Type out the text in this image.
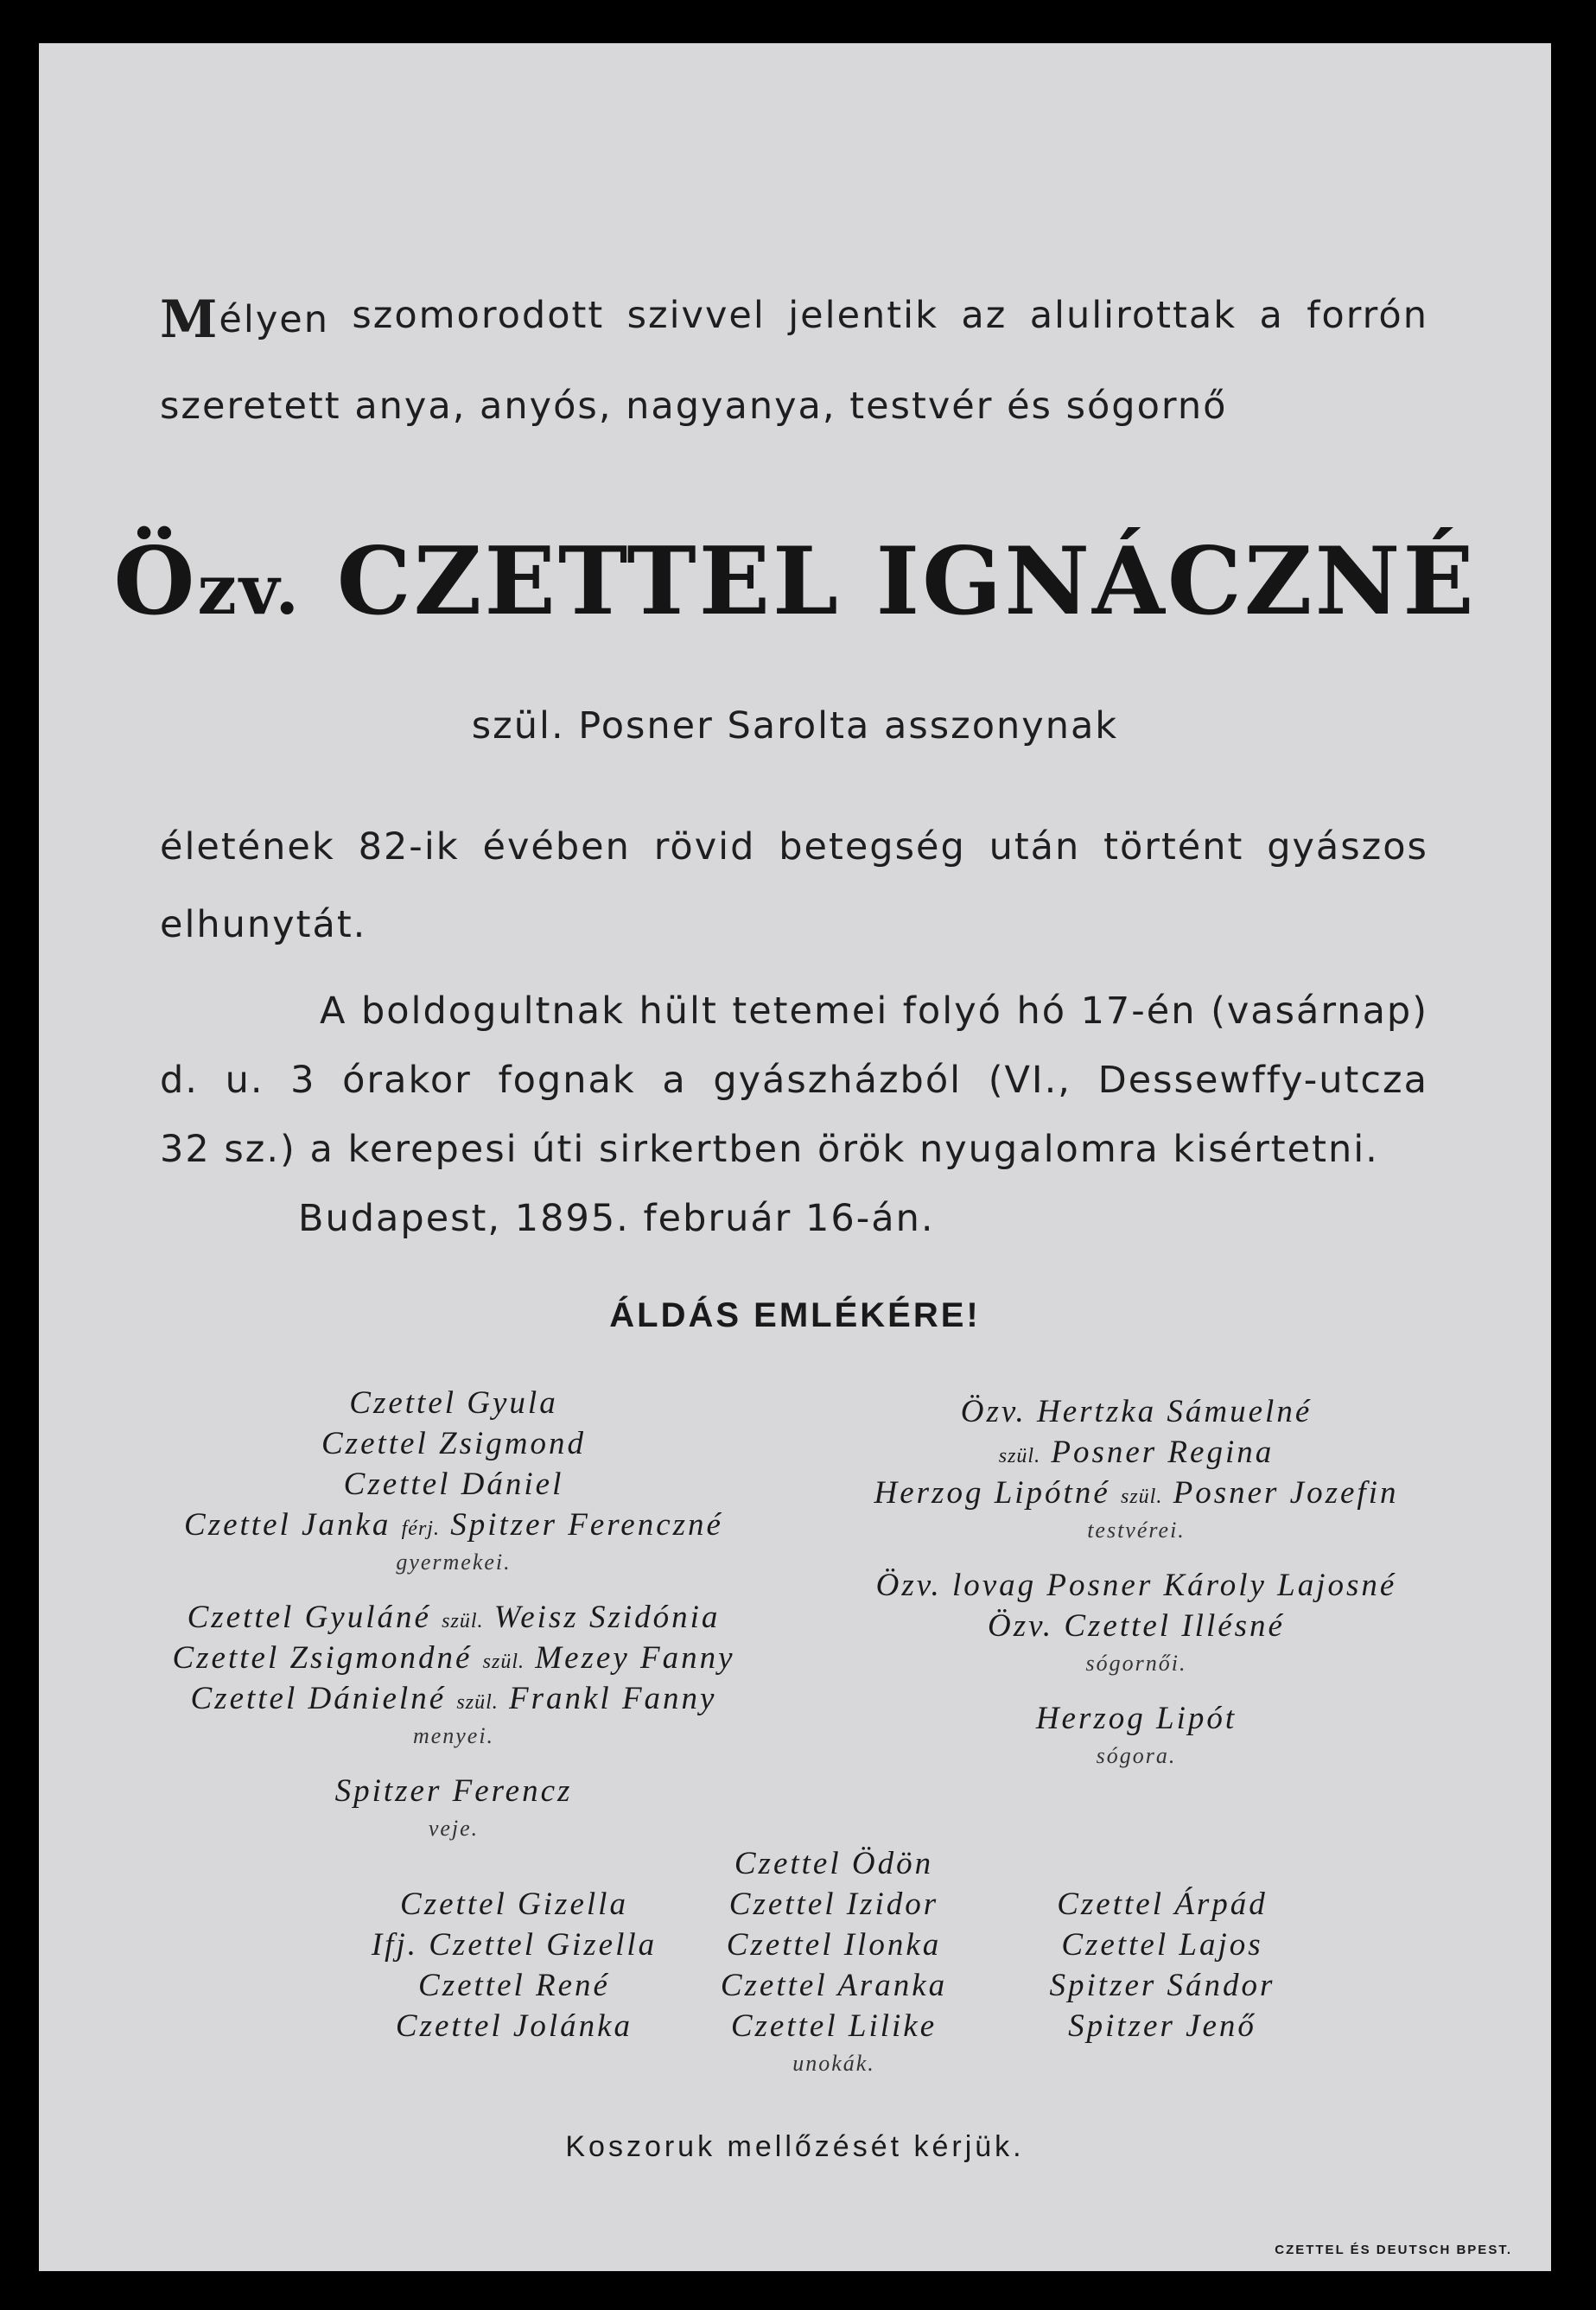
Mélyen szomorodott szivvel jelentik az alulirottak a forrón
szeretett anya, anyós, nagyanya, testvér és sógornő
Özv. CZETTEL IGNÁCZNÉ
szül. Posner Sarolta asszonynak
életének 82-ik évében rövid betegség után történt gyászos
elhunytát.
A boldogultnak hült tetemei folyó hó 17-én (vasárnap)
d. u. 3 órakor fognak a gyászházból (VI., Dessewffy-utcza
32 sz.) a kerepesi úti sirkertben örök nyugalomra kisértetni.
Budapest, 1895. február 16-án.
ÁLDÁS EMLÉKÉRE!
Czettel Gyula
Czettel Zsigmond
Czettel Dániel
Czettel Janka férj. Spitzer Ferenczné
gyermekei.
Czettel Gyuláné szül. Weisz Szidónia
Czettel Zsigmondné szül. Mezey Fanny
Czettel Dánielné szül. Frankl Fanny
menyei.
Spitzer Ferencz
veje.
Özv. Hertzka Sámuelné
szül. Posner Regina
Herzog Lipótné szül. Posner Jozefin
testvérei.
Özv. lovag Posner Károly Lajosné
Özv. Czettel Illésné
sógornői.
Herzog Lipót
sógora.
Czettel Gizella
Ifj. Czettel Gizella
Czettel René
Czettel Jolánka
Czettel Ödön
Czettel Izidor
Czettel Ilonka
Czettel Aranka
Czettel Lilike
unokák.
Czettel Árpád
Czettel Lajos
Spitzer Sándor
Spitzer Jenő
Koszoruk mellőzését kérjük.
CZETTEL ÉS DEUTSCH BPEST.
